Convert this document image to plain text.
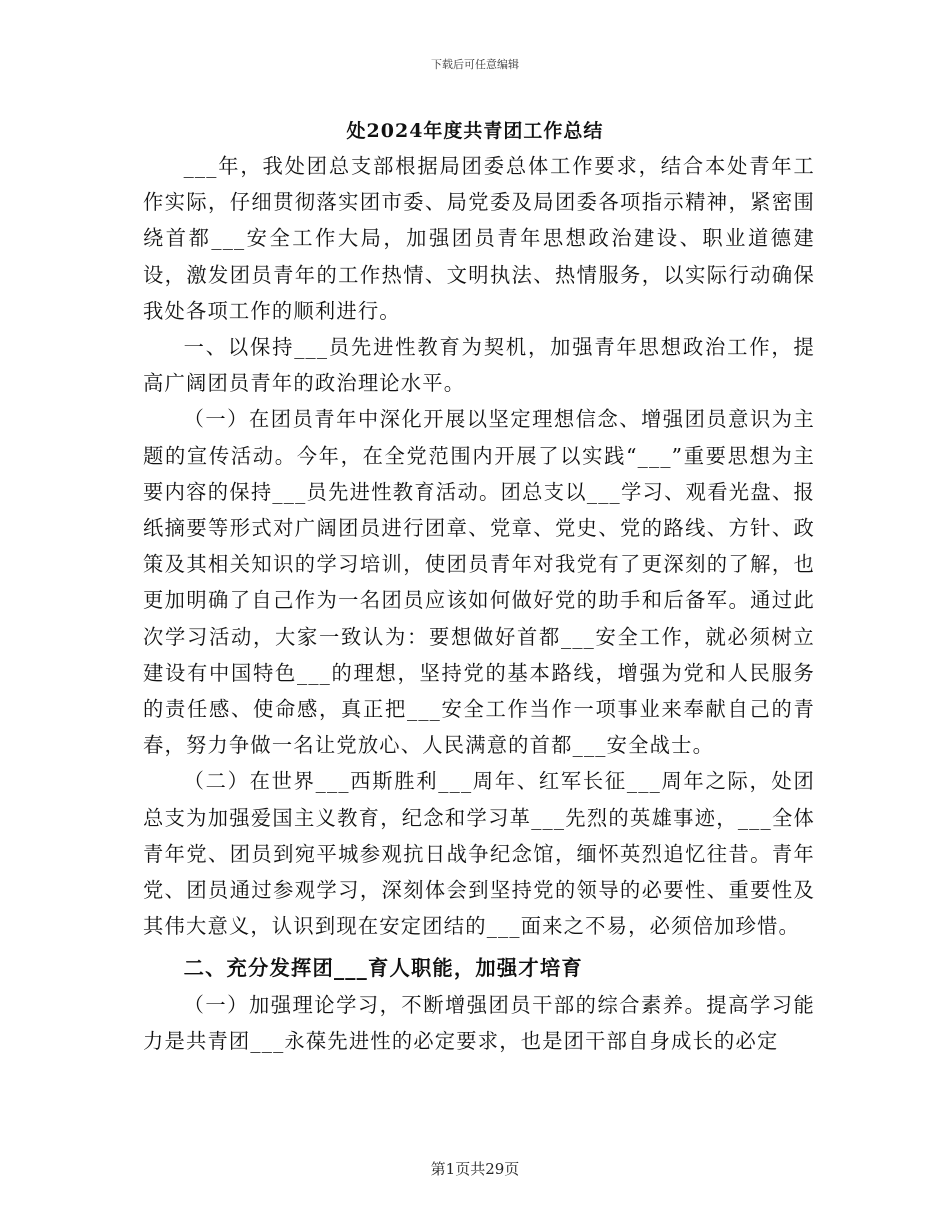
下载后可任意编辑
处2024年度共青团工作总结

___年，我处团总支部根据局团委总体工作要求，结合本处青年工作实际，仔细贯彻落实团市委、局党委及局团委各项指示精神，紧密围绕首都___安全工作大局，加强团员青年思想政治建设、职业道德建设，激发团员青年的工作热情、文明执法、热情服务，以实际行动确保我处各项工作的顺利进行。

一、以保持___员先进性教育为契机，加强青年思想政治工作，提高广阔团员青年的政治理论水平。

（一）在团员青年中深化开展以坚定理想信念、增强团员意识为主题的宣传活动。今年，在全党范围内开展了以实践“___”重要思想为主要内容的保持___员先进性教育活动。团总支以___学习、观看光盘、报纸摘要等形式对广阔团员进行团章、党章、党史、党的路线、方针、政策及其相关知识的学习培训，使团员青年对我党有了更深刻的了解，也更加明确了自己作为一名团员应该如何做好党的助手和后备军。通过此次学习活动，大家一致认为：要想做好首都___安全工作，就必须树立建设有中国特色___的理想，坚持党的基本路线，增强为党和人民服务的责任感、使命感，真正把___安全工作当作一项事业来奉献自己的青春，努力争做一名让党放心、人民满意的首都___安全战士。

（二）在世界___西斯胜利___周年、红军长征___周年之际，处团总支为加强爱国主义教育，纪念和学习革___先烈的英雄事迹，___全体青年党、团员到宛平城参观抗日战争纪念馆，缅怀英烈追忆往昔。青年党、团员通过参观学习，深刻体会到坚持党的领导的必要性、重要性及其伟大意义，认识到现在安定团结的___面来之不易，必须倍加珍惜。

二、充分发挥团___育人职能，加强才培育

（一）加强理论学习，不断增强团员干部的综合素养。提高学习能力是共青团___永葆先进性的必定要求，也是团干部自身成长的必定

第1页共29页
